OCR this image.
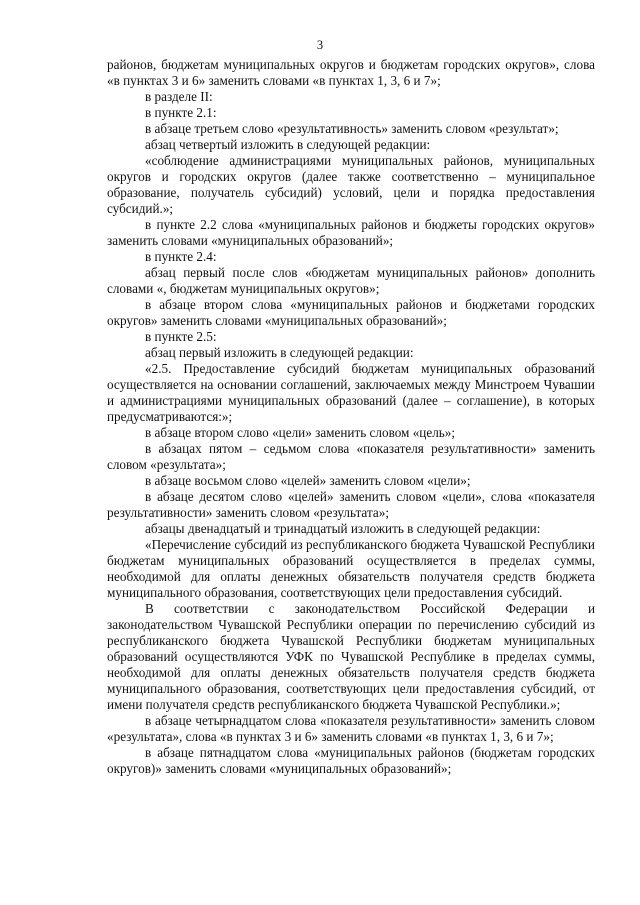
3

районов, бюджетам муниципальных округов и бюджетам городских округов», слова «в пунктах 3 и 6» заменить словами «в пунктах 1, 3, 6 и 7»;

в разделе II:

в пункте 2.1:

в абзаце третьем слово «результативность» заменить словом «результат»;

абзац четвертый изложить в следующей редакции:

«соблюдение администрациями муниципальных районов, муниципальных округов и городских округов (далее также соответственно – муниципальное образование, получатель субсидий) условий, цели и порядка предоставления субсидий.»;

в пункте 2.2 слова «муниципальных районов и бюджеты городских округов» заменить словами «муниципальных образований»;

в пункте 2.4:

абзац первый после слов «бюджетам муниципальных районов» дополнить словами «, бюджетам муниципальных округов»;

в абзаце втором слова «муниципальных районов и бюджетами городских округов» заменить словами «муниципальных образований»;

в пункте 2.5:

абзац первый изложить в следующей редакции:

«2.5. Предоставление субсидий бюджетам муниципальных образований осуществляется на основании соглашений, заключаемых между Минстроем Чувашии и администрациями муниципальных образований (далее – соглашение), в которых предусматриваются:»;

в абзаце втором слово «цели» заменить словом «цель»;

в абзацах пятом – седьмом слова «показателя результативности» заменить словом «результата»;

в абзаце восьмом слово «целей» заменить словом «цели»;

в абзаце десятом слово «целей» заменить словом «цели», слова «показателя результативности» заменить словом «результата»;

абзацы двенадцатый и тринадцатый изложить в следующей редакции:

«Перечисление субсидий из республиканского бюджета Чувашской Республики бюджетам муниципальных образований осуществляется в пределах суммы, необходимой для оплаты денежных обязательств получателя средств бюджета муниципального образования, соответствующих цели предоставления субсидий.

В соответствии с законодательством Российской Федерации и законодательством Чувашской Республики операции по перечислению субсидий из республиканского бюджета Чувашской Республики бюджетам муниципальных образований осуществляются УФК по Чувашской Республике в пределах суммы, необходимой для оплаты денежных обязательств получателя средств бюджета муниципального образования, соответствующих цели предоставления субсидий, от имени получателя средств республиканского бюджета Чувашской Республики.»;

в абзаце четырнадцатом слова «показателя результативности» заменить словом «результата», слова «в пунктах 3 и 6» заменить словами «в пунктах 1, 3, 6 и 7»;

в абзаце пятнадцатом слова «муниципальных районов (бюджетам городских округов)» заменить словами «муниципальных образований»;
